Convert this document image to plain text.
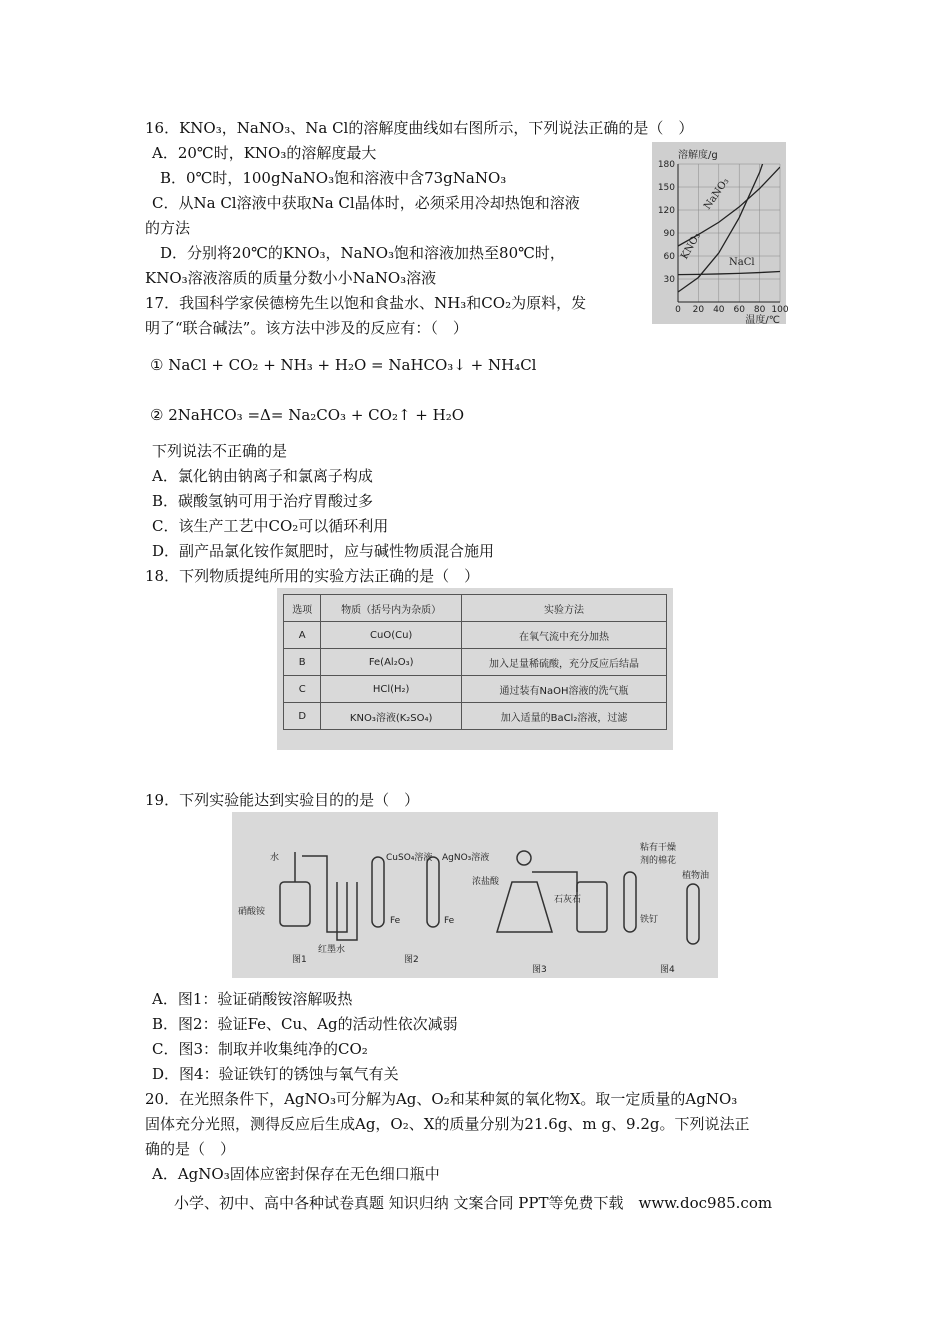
16．KNO₃，NaNO₃、Na Cl的溶解度曲线如右图所示，下列说法正确的是（　）
A．20℃时，KNO₃的溶解度最大
B．0℃时，100gNaNO₃饱和溶液中含73gNaNO₃
C．从Na Cl溶液中获取Na Cl晶体时，必须采用冷却热饱和溶液
的方法
D．分别将20℃的KNO₃，NaNO₃饱和溶液加热至80℃时，
KNO₃溶液溶质的质量分数小小NaNO₃溶液
180
150
120
90
60
30
0 20 40 60 80 100
溶解度/g
温度/℃
NaNO₃
KNO₃
NaCl
17．我国科学家侯德榜先生以饱和食盐水、NH₃和CO₂为原料，发
明了“联合碱法”。该方法中涉及的反应有：（　）
① NaCl + CO₂ + NH₃ + H₂O = NaHCO₃↓ + NH₄Cl
② 2NaHCO₃ =Δ= Na₂CO₃ + CO₂↑ + H₂O
下列说法不正确的是
A．氯化钠由钠离子和氯离子构成
B．碳酸氢钠可用于治疗胃酸过多
C．该生产工艺中CO₂可以循环利用
D．副产品氯化铵作氮肥时，应与碱性物质混合施用
18．下列物质提纯所用的实验方法正确的是（　）
选项	物质（括号内为杂质）	实验方法
A	CuO(Cu)	在氧气流中充分加热
B	Fe(Al₂O₃)	加入足量稀硫酸，充分反应后结晶
C	HCl(H₂)	通过装有NaOH溶液的洗气瓶
D	KNO₃溶液(K₂SO₄)	加入适量的BaCl₂溶液，过滤
19．下列实验能达到实验目的的是（　）
水
硝酸铵
红墨水
CuSO₄溶液 AgNO₃溶液
Fe	Fe
浓盐酸
石灰石
粘有干燥剂的棉花
铁钉
植物油
图1	图2
图3	图4
A．图1：验证硝酸铵溶解吸热
B．图2：验证Fe、Cu、Ag的活动性依次减弱
C．图3：制取并收集纯净的CO₂
D．图4：验证铁钉的锈蚀与氧气有关
20．在光照条件下，AgNO₃可分解为Ag、O₂和某种氮的氧化物X。取一定质量的AgNO₃
固体充分光照，测得反应后生成Ag，O₂、X的质量分别为21.6g、m g、9.2g。下列说法正
确的是（　）
A．AgNO₃固体应密封保存在无色细口瓶中
小学、初中、高中各种试卷真题 知识归纳 文案合同 PPT等免费下载　www.doc985.com
